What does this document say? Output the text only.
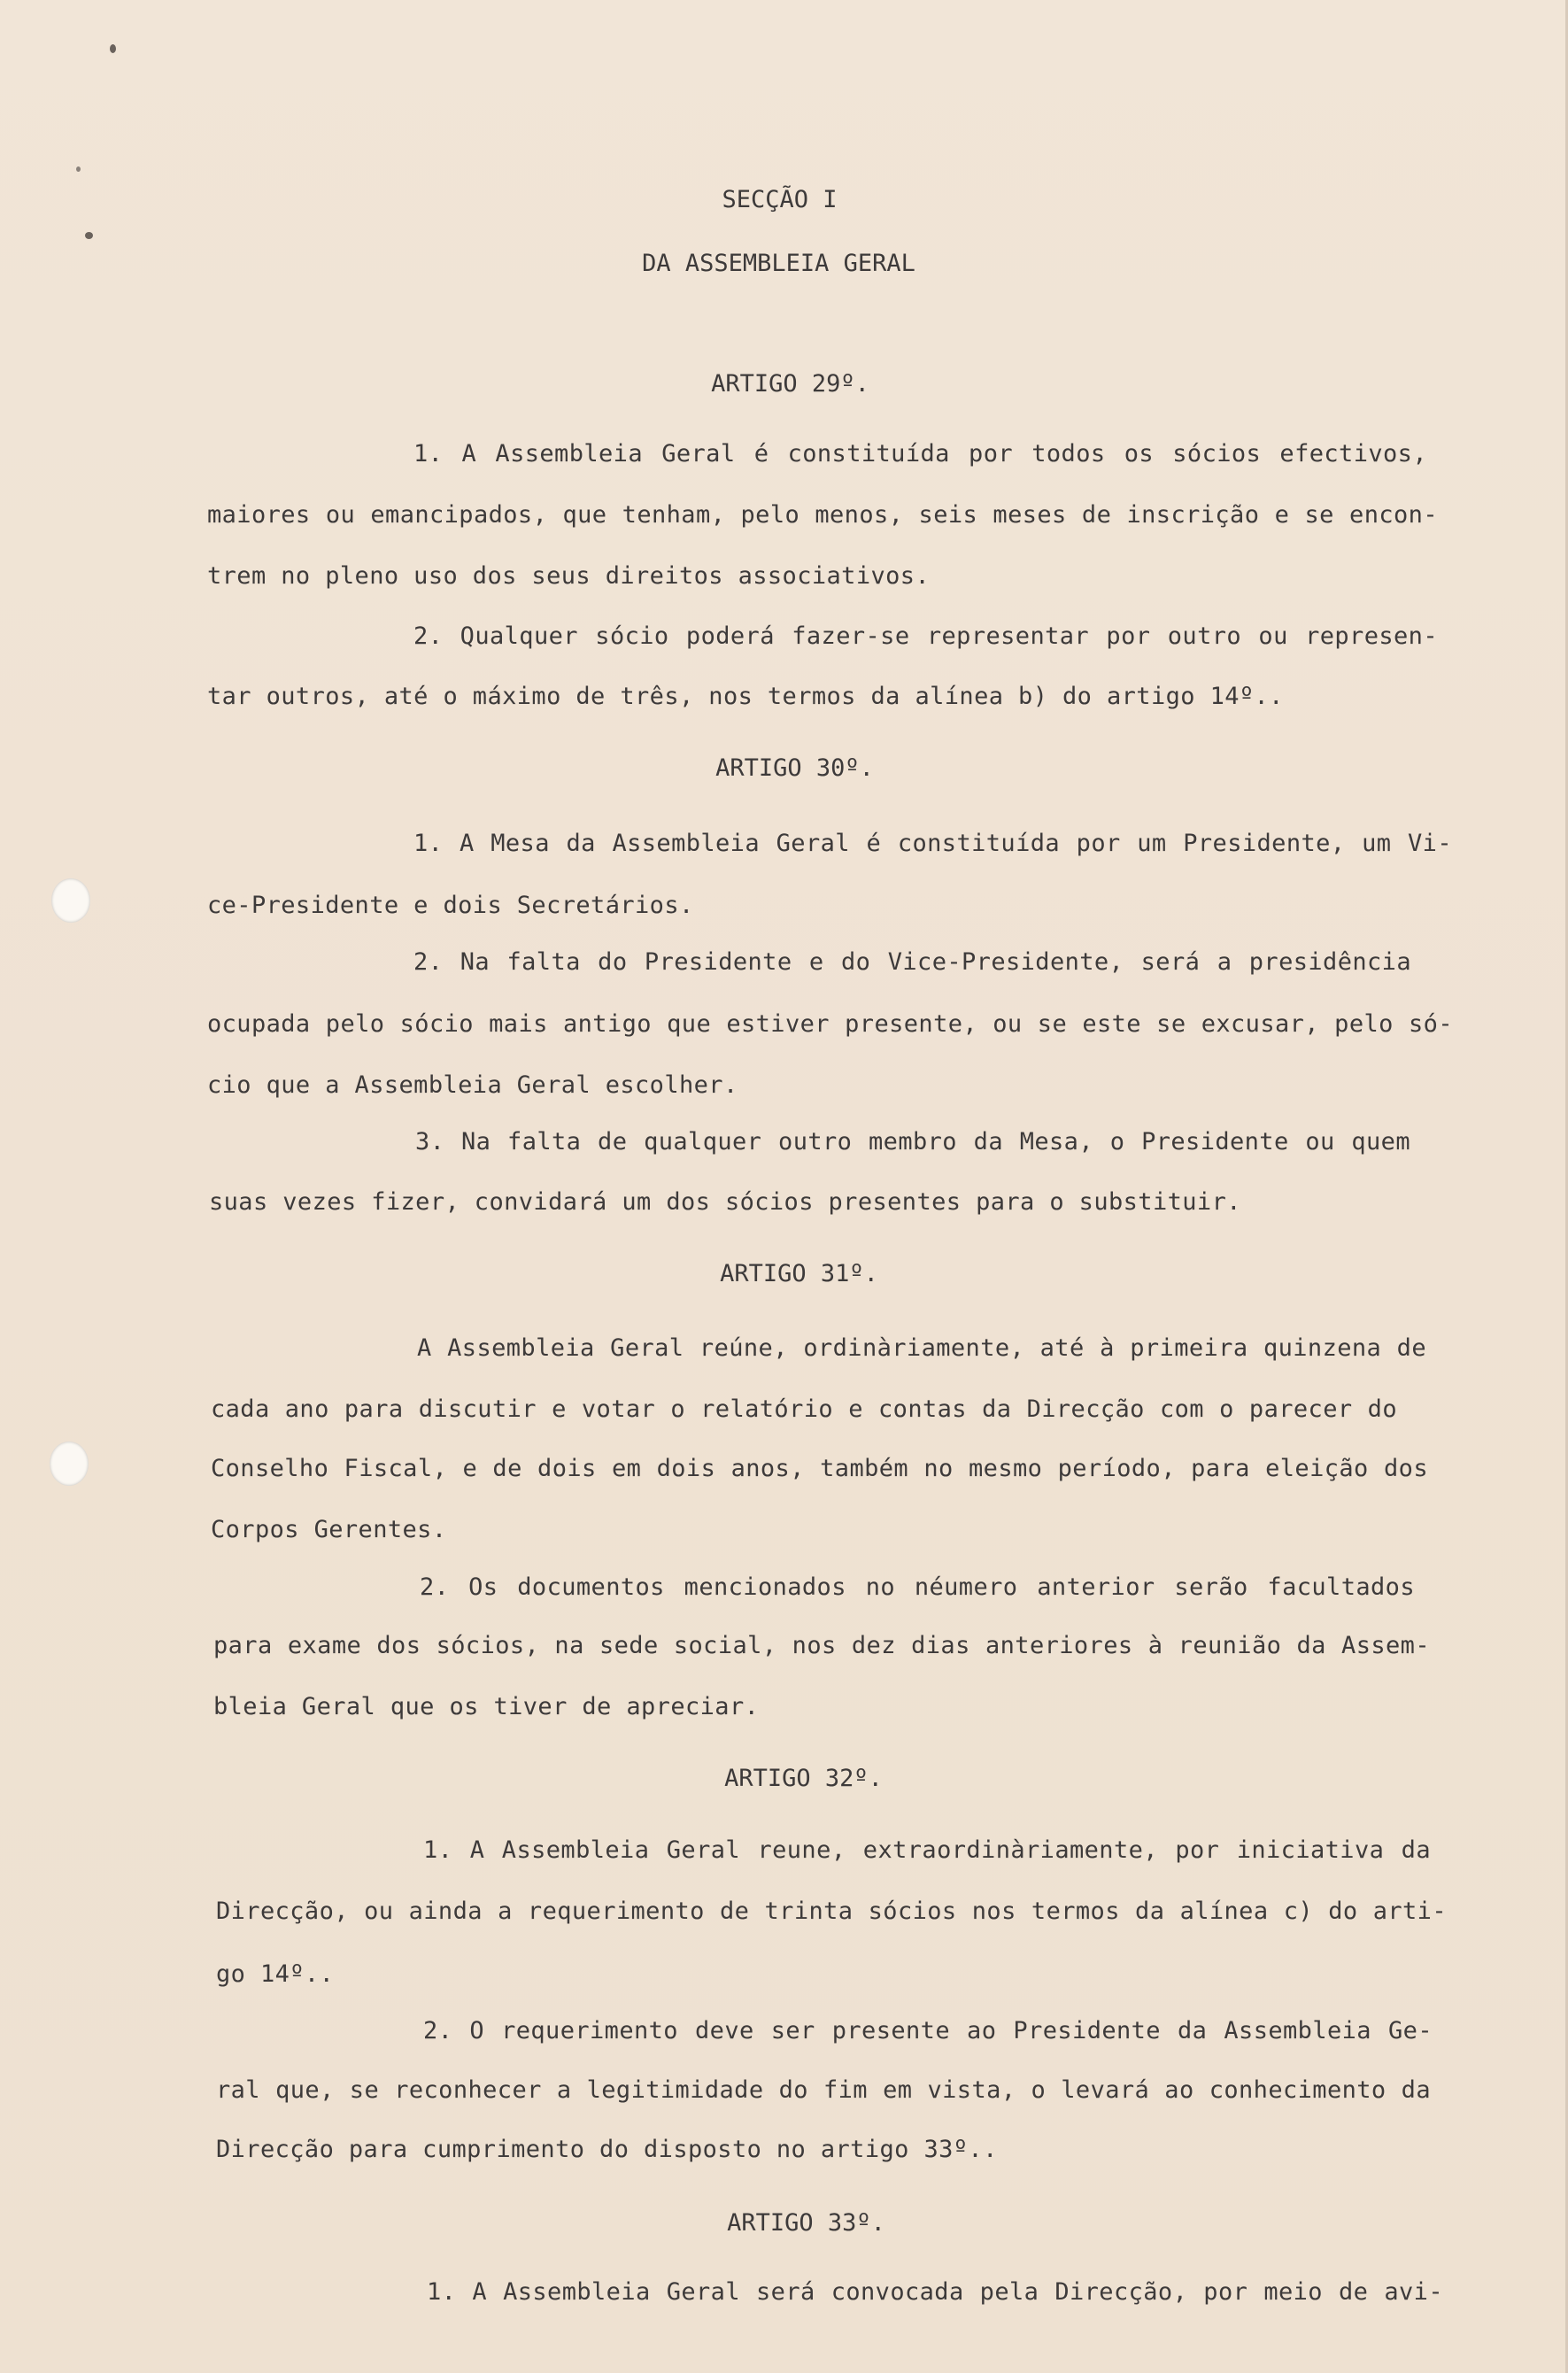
SECÇÃO I
DA ASSEMBLEIA GERAL
ARTIGO 29º.
1. A Assembleia Geral é constituída por todos os sócios efectivos,
maiores ou emancipados, que tenham, pelo menos, seis meses de inscrição e se encon-
trem no pleno uso dos seus direitos associativos.
2. Qualquer sócio poderá fazer-se representar por outro ou represen-
tar outros, até o máximo de três, nos termos da alínea b) do artigo 14º..
ARTIGO 30º.
1. A Mesa da Assembleia Geral é constituída por um Presidente, um Vi-
ce-Presidente e dois Secretários.
2. Na falta do Presidente e do Vice-Presidente, será a presidência
ocupada pelo sócio mais antigo que estiver presente, ou se este se excusar, pelo só-
cio que a Assembleia Geral escolher.
3. Na falta de qualquer outro membro da Mesa, o Presidente ou quem
suas vezes fizer, convidará um dos sócios presentes para o substituir.
ARTIGO 31º.
A Assembleia Geral reúne, ordinàriamente, até à primeira quinzena de
cada ano para discutir e votar o relatório e contas da Direcção com o parecer do
Conselho Fiscal, e de dois em dois anos, também no mesmo período, para eleição dos
Corpos Gerentes.
2. Os documentos mencionados no néumero anterior serão facultados
para exame dos sócios, na sede social, nos dez dias anteriores à reunião da Assem-
bleia Geral que os tiver de apreciar.
ARTIGO 32º.
1. A Assembleia Geral reune, extraordinàriamente, por iniciativa da
Direcção, ou ainda a requerimento de trinta sócios nos termos da alínea c) do arti-
go 14º..
2. O requerimento deve ser presente ao Presidente da Assembleia Ge-
ral que, se reconhecer a legitimidade do fim em vista, o levará ao conhecimento da
Direcção para cumprimento do disposto no artigo 33º..
ARTIGO 33º.
1. A Assembleia Geral será convocada pela Direcção, por meio de avi-
